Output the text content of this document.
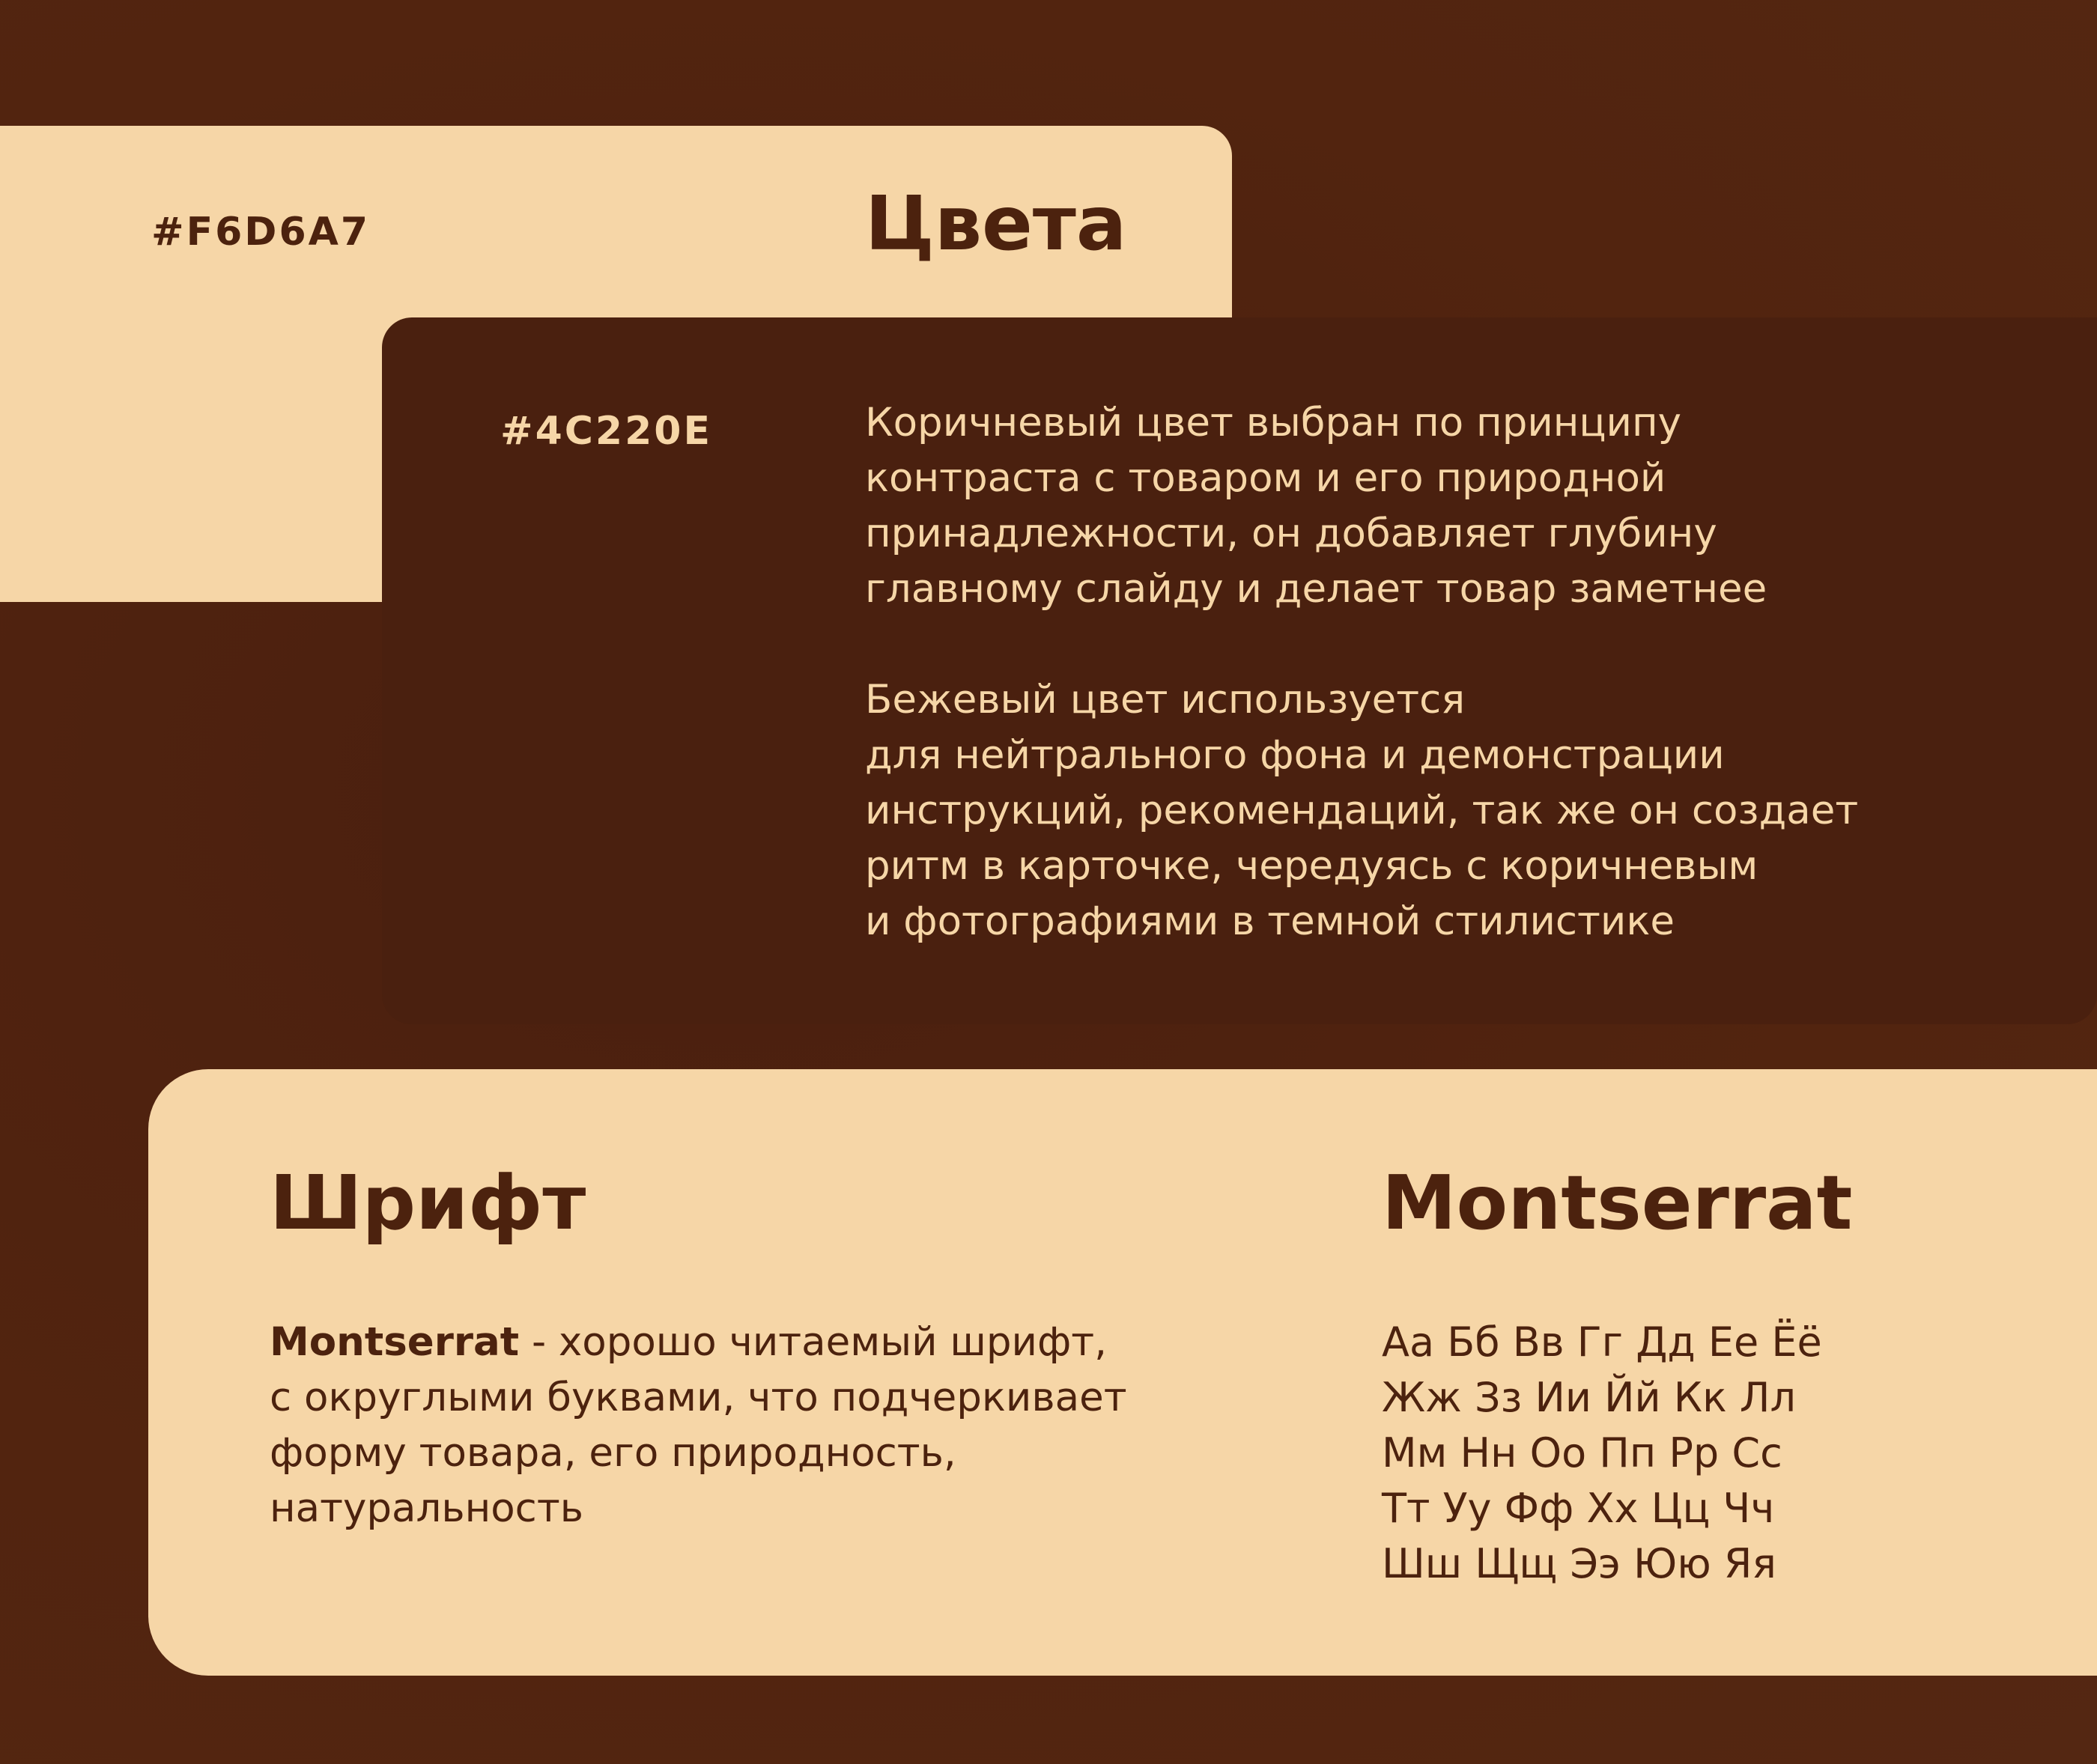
#F6D6A7	Цвета

#4C220E	Коричневый цвет выбран по принципу
контраста с товаром и его природной
принадлежности, он добавляет глубину
главному слайду и делает товар заметнее
Бежевый цвет используется
для нейтрального фона и демонстрации
инструкций, рекомендаций, так же он создает
ритм в карточке, чередуясь с коричневым
и фотографиями в темной стилистике
Шрифт	Montserrat
Montserrat - хорошо читаемый шрифт,
с округлыми буквами, что подчеркивает
форму товара, его природность,
натуральность
Аа Бб Вв Гг Дд Ее Ёё
Жж Зз Ии Йй Кк Лл
Мм Нн Оо Пп Рр Сс
Тт Уу Фф Хх Цц Чч
Шш Щщ Ээ Юю Яя
